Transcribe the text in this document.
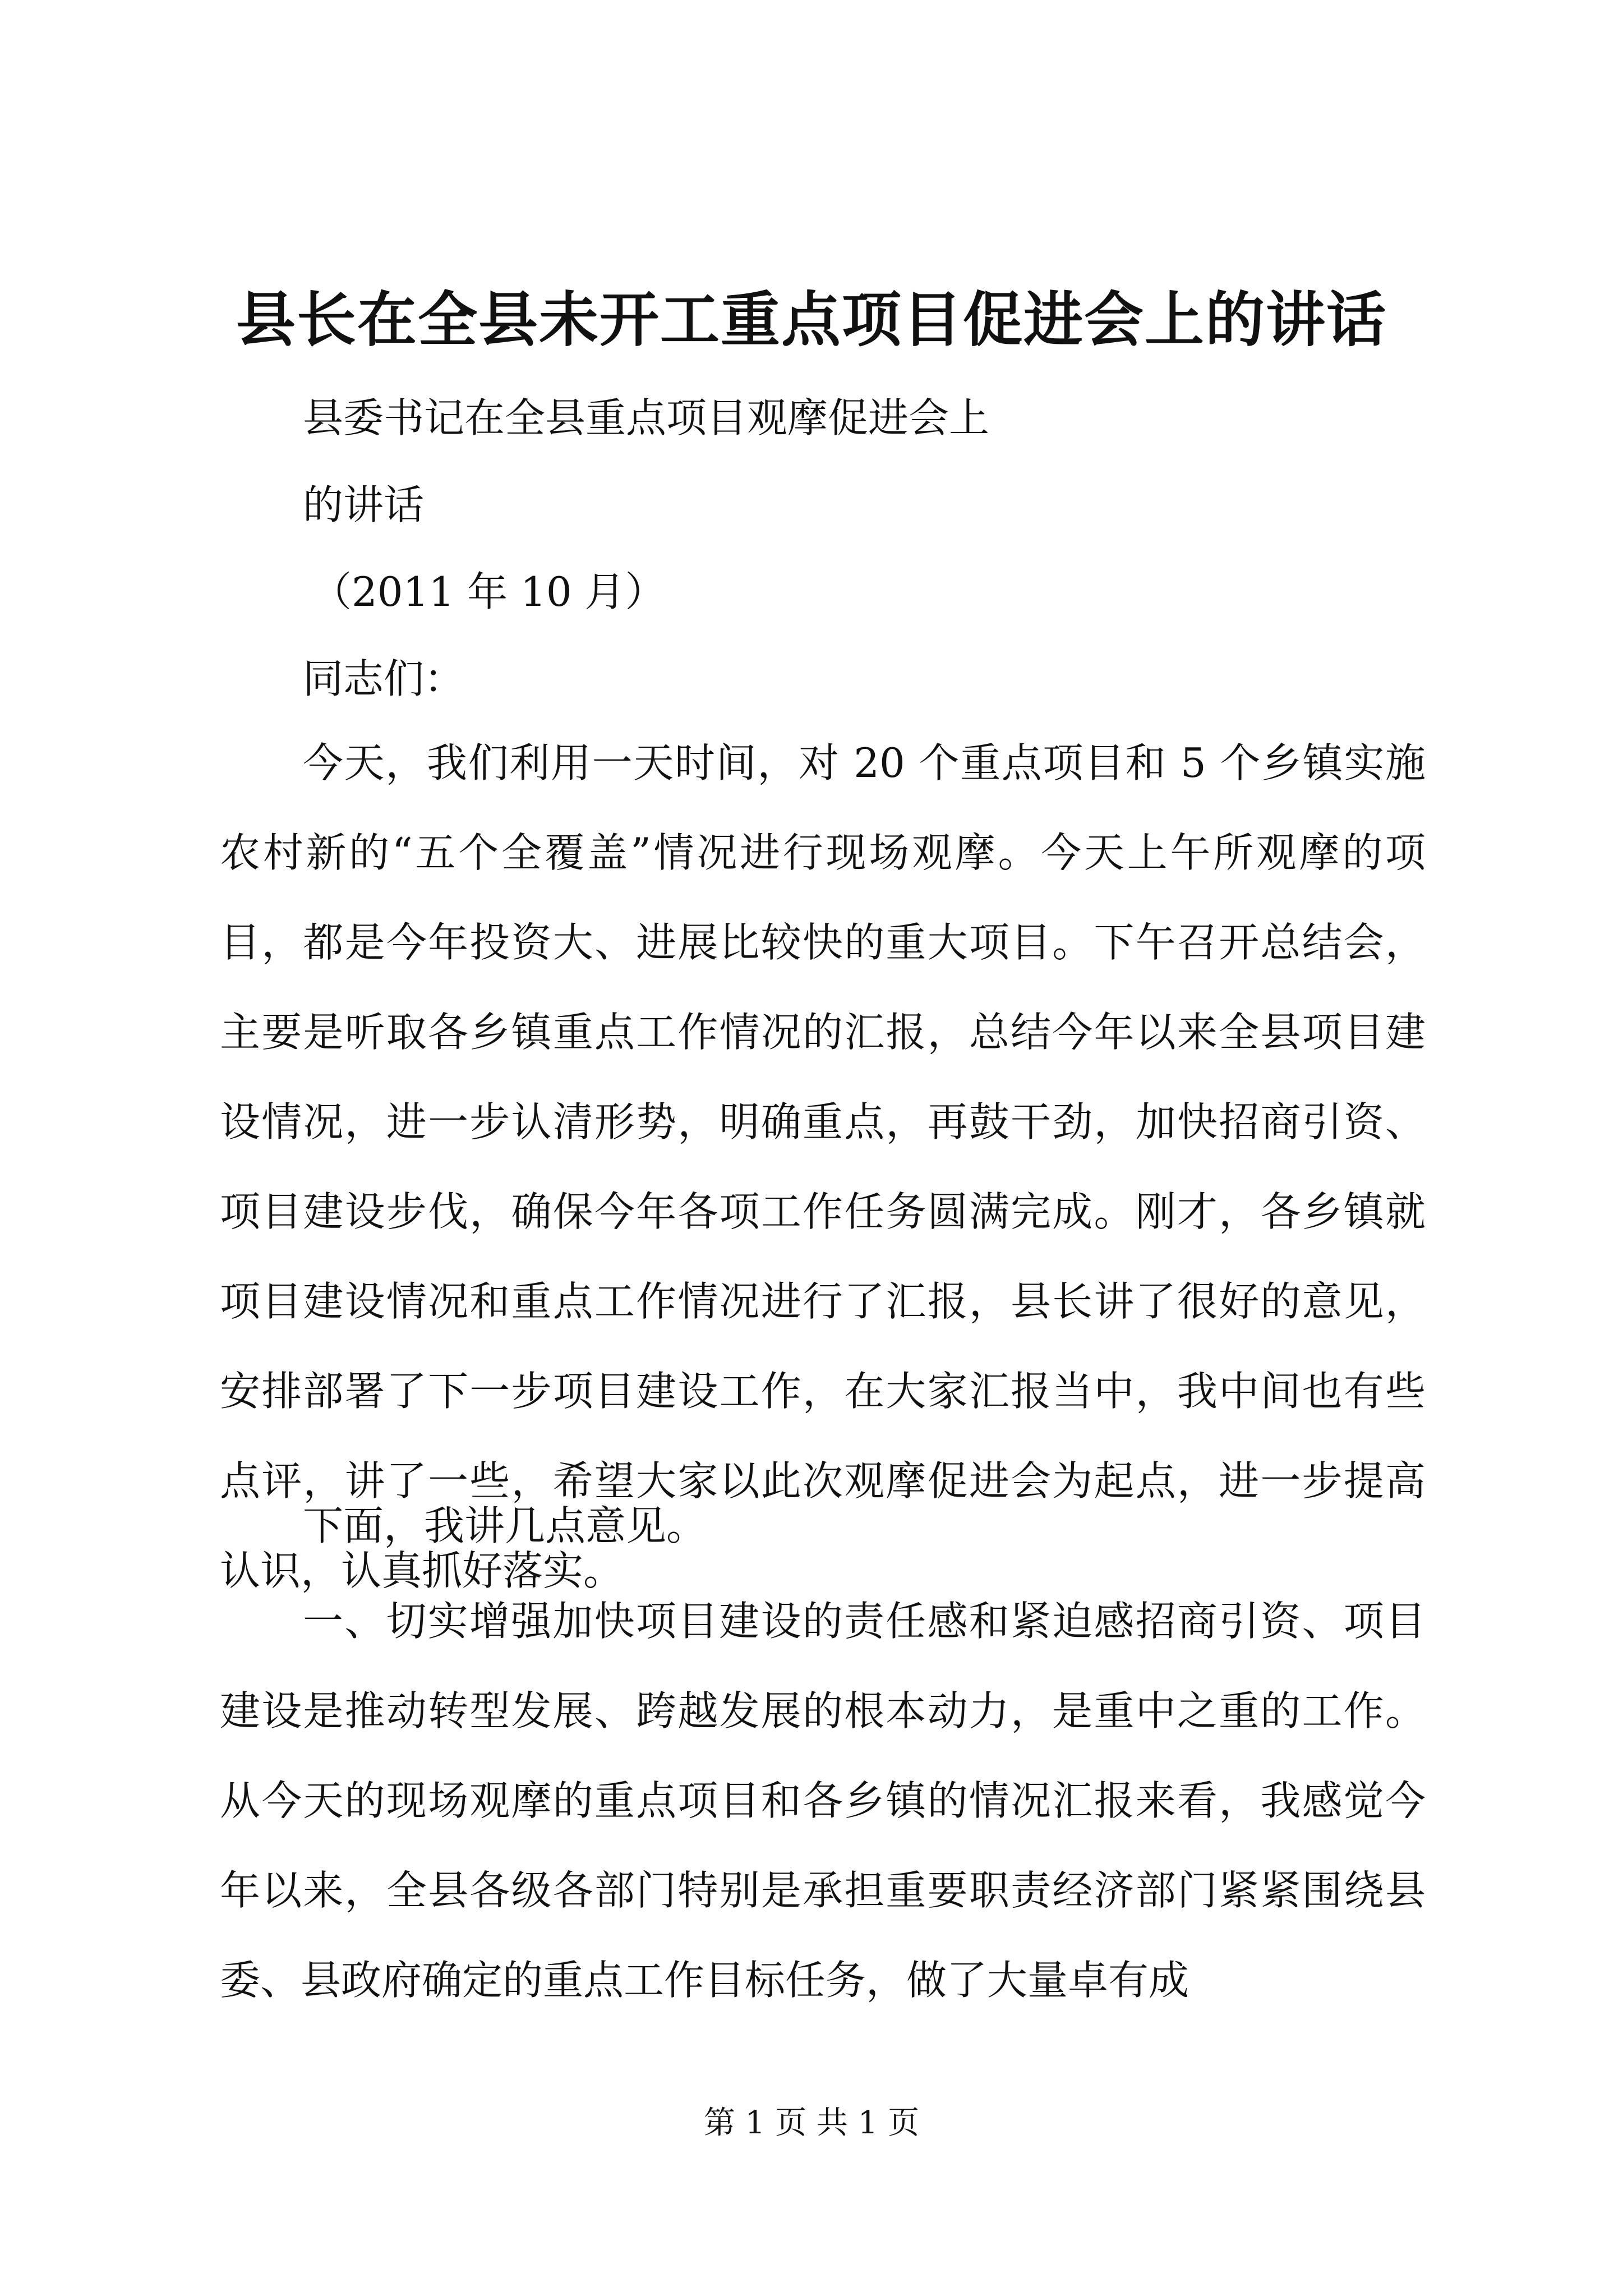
县长在全县未开工重点项目促进会上的讲话
县委书记在全县重点项目观摩促进会上
的讲话
（2011 年 10 月）
同志们：

今天，我们利用一天时间，对 20 个重点项目和 5 个乡镇实施农村新的“五个全覆盖”情况进行现场观摩。今天上午所观摩的项目，都是今年投资大、进展比较快的重大项目。下午召开总结会，主要是听取各乡镇重点工作情况的汇报，总结今年以来全县项目建设情况，进一步认清形势，明确重点，再鼓干劲，加快招商引资、项目建设步伐，确保今年各项工作任务圆满完成。刚才，各乡镇就项目建设情况和重点工作情况进行了汇报，县长讲了很好的意见，安排部署了下一步项目建设工作，在大家汇报当中，我中间也有些点评，讲了一些，希望大家以此次观摩促进会为起点，进一步提高认识，认真抓好落实。

下面，我讲几点意见。

一、切实增强加快项目建设的责任感和紧迫感招商引资、项目建设是推动转型发展、跨越发展的根本动力，是重中之重的工作。从今天的现场观摩的重点项目和各乡镇的情况汇报来看，我感觉今年以来，全县各级各部门特别是承担重要职责经济部门紧紧围绕县委、县政府确定的重点工作目标任务，做了大量卓有成

第 1 页 共 1 页
